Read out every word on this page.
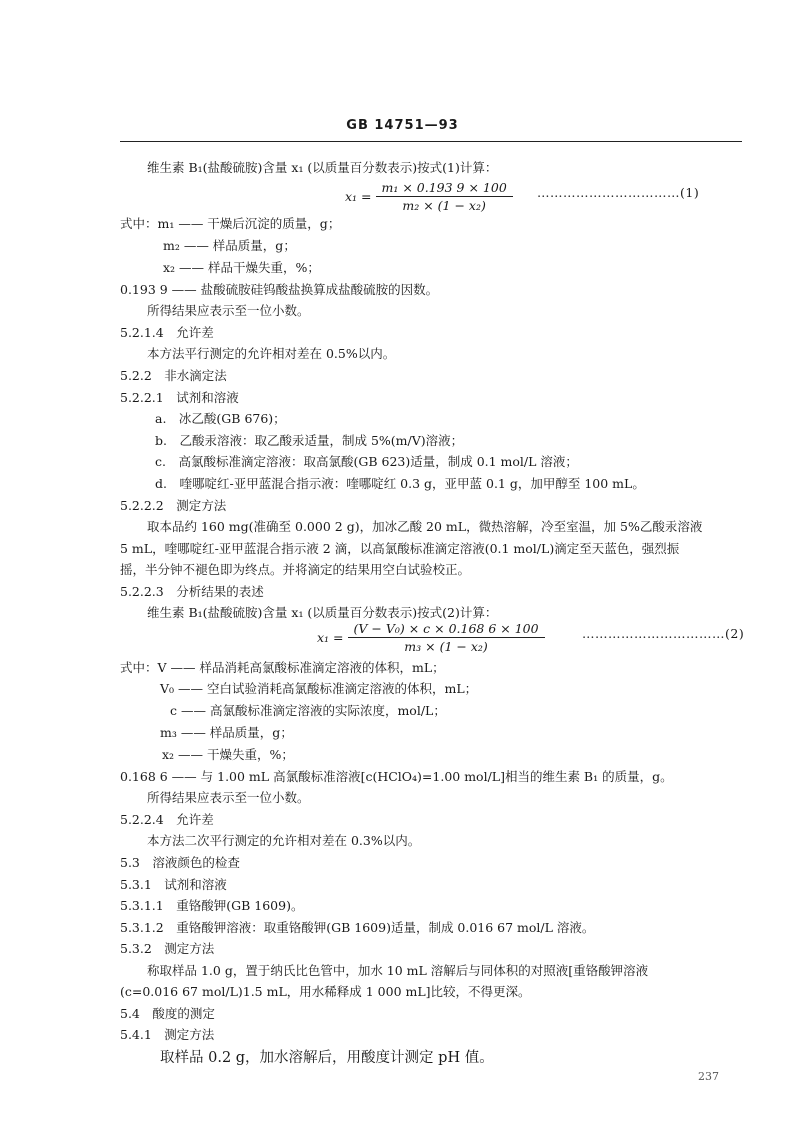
GB 14751—93
维生素 B₁(盐酸硫胺)含量 x₁ (以质量百分数表示)按式(1)计算：
$x_1 = \frac{\text{m₁ × 0.193 9 × 100}}{\text{m₂ × (1 − x₂)}}$ ……………………………(1)
式中：m₁ —— 干燥后沉淀的质量，g；
m₂ —— 样品质量，g；
x₂ —— 样品干燥失重，%；
0.193 9 —— 盐酸硫胺硅钨酸盐换算成盐酸硫胺的因数。
所得结果应表示至一位小数。
5.2.1.4　允许差
本方法平行测定的允许相对差在 0.5%以内。
5.2.2　非水滴定法
5.2.2.1　试剂和溶液
a.　冰乙酸(GB 676)；
b.　乙酸汞溶液：取乙酸汞适量，制成 5%(m/V)溶液；
c.　高氯酸标准滴定溶液：取高氯酸(GB 623)适量，制成 0.1 mol/L 溶液；
d.　喹哪啶红-亚甲蓝混合指示液：喹哪啶红 0.3 g，亚甲蓝 0.1 g，加甲醇至 100 mL。
5.2.2.2　测定方法
取本品约 160 mg(准确至 0.000 2 g)，加冰乙酸 20 mL，微热溶解，冷至室温，加 5%乙酸汞溶液
5 mL，喹哪啶红-亚甲蓝混合指示液 2 滴，以高氯酸标准滴定溶液(0.1 mol/L)滴定至天蓝色，强烈振
摇，半分钟不褪色即为终点。并将滴定的结果用空白试验校正。
5.2.2.3　分析结果的表述
维生素 B₁(盐酸硫胺)含量 x₁ (以质量百分数表示)按式(2)计算：
$x_1 = \frac{\text{(V − V₀) × c × 0.168 6 × 100}}{\text{m₃ × (1 − x₂)}}$	……………………………(2)
式中：V —— 样品消耗高氯酸标准滴定溶液的体积，mL；
V₀ —— 空白试验消耗高氯酸标准滴定溶液的体积，mL；
c —— 高氯酸标准滴定溶液的实际浓度，mol/L；
m₃ —— 样品质量，g；
x₂ —— 干燥失重，%；
0.168 6 —— 与 1.00 mL 高氯酸标准溶液[c(HClO₄)=1.00 mol/L]相当的维生素 B₁ 的质量，g。
所得结果应表示至一位小数。
5.2.2.4　允许差
本方法二次平行测定的允许相对差在 0.3%以内。
5.3　溶液颜色的检查
5.3.1　试剂和溶液
5.3.1.1　重铬酸钾(GB 1609)。
5.3.1.2　重铬酸钾溶液：取重铬酸钾(GB 1609)适量，制成 0.016 67 mol/L 溶液。
5.3.2　测定方法
称取样品 1.0 g，置于纳氏比色管中，加水 10 mL 溶解后与同体积的对照液[重铬酸钾溶液
(c=0.016 67 mol/L)1.5 mL，用水稀释成 1 000 mL]比较，不得更深。
5.4　酸度的测定
5.4.1　测定方法
取样品 0.2 g，加水溶解后，用酸度计测定 pH 值。
237
